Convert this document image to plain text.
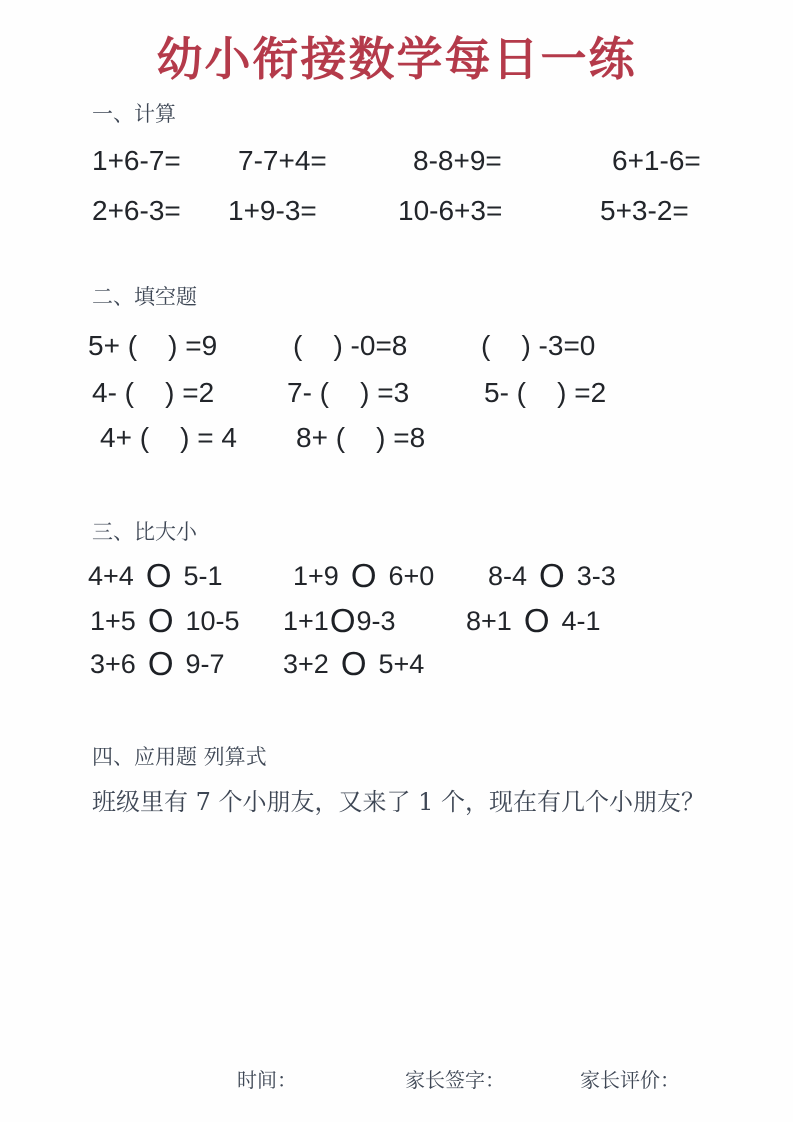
幼小衔接数学每日一练
一、计算
1+6-7= 7-7+4=	8-8+9=	6+1-6=
2+6-3= 1+9-3=	10-6+3=	5+3-2=
二、填空题
5+ (    ) =9	(    ) -0=8	(    ) -3=0
4- (    ) =2	7- (    ) =3	5- (    ) =2
4+ (    ) = 4 8+ (    ) =8
三、比大小
4+4 O 5-1	1+9 O 6+0 8-4 O 3-3
1+5 O 10-5 1+1O9-3	8+1 O 4-1
3+6 O 9-7 3+2 O 5+4
四、应用题 列算式
班级里有 7 个小朋友，又来了 1 个，现在有几个小朋友？
时间：	家长签字：	家长评价：
